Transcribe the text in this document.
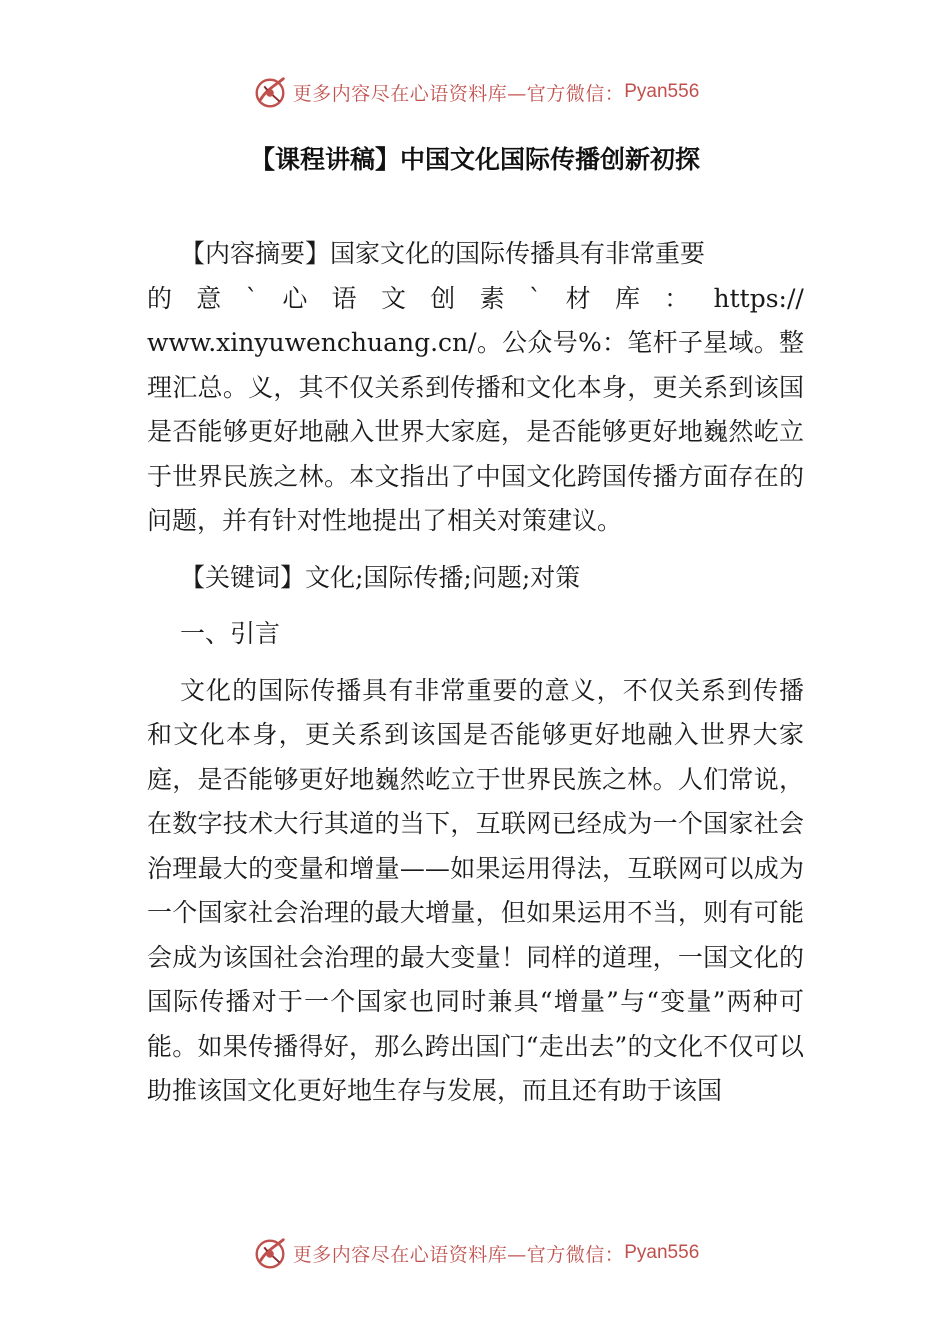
更多内容尽在心语资料库—官方微信： Pyan556
【课程讲稿】中国文化国际传播创新初探

【内容摘要】国家文化的国际传播具有非常重要

的 意 ` 心 语 文 创 素 ` 材 库 ： https://

www.xinyuwenchuang.cn/。公众号%：笔杆子星域。整理汇总。义，其不仅关系到传播和文化本身，更关系到该国是否能够更好地融入世界大家庭，是否能够更好地巍然屹立于世界民族之林。本文指出了中国文化跨国传播方面存在的问题，并有针对性地提出了相关对策建议。

【关键词】文化;国际传播;问题;对策

一、引言

文化的国际传播具有非常重要的意义，不仅关系到传播和文化本身，更关系到该国是否能够更好地融入世界大家庭，是否能够更好地巍然屹立于世界民族之林。人们常说，在数字技术大行其道的当下，互联网已经成为一个国家社会治理最大的变量和增量——如果运用得法，互联网可以成为一个国家社会治理的最大增量，但如果运用不当，则有可能会成为该国社会治理的最大变量！同样的道理，一国文化的国际传播对于一个国家也同时兼具“增量”与“变量”两种可能。如果传播得好，那么跨出国门“走出去”的文化不仅可以助推该国文化更好地生存与发展，而且还有助于该国

更多内容尽在心语资料库—官方微信： Pyan556
